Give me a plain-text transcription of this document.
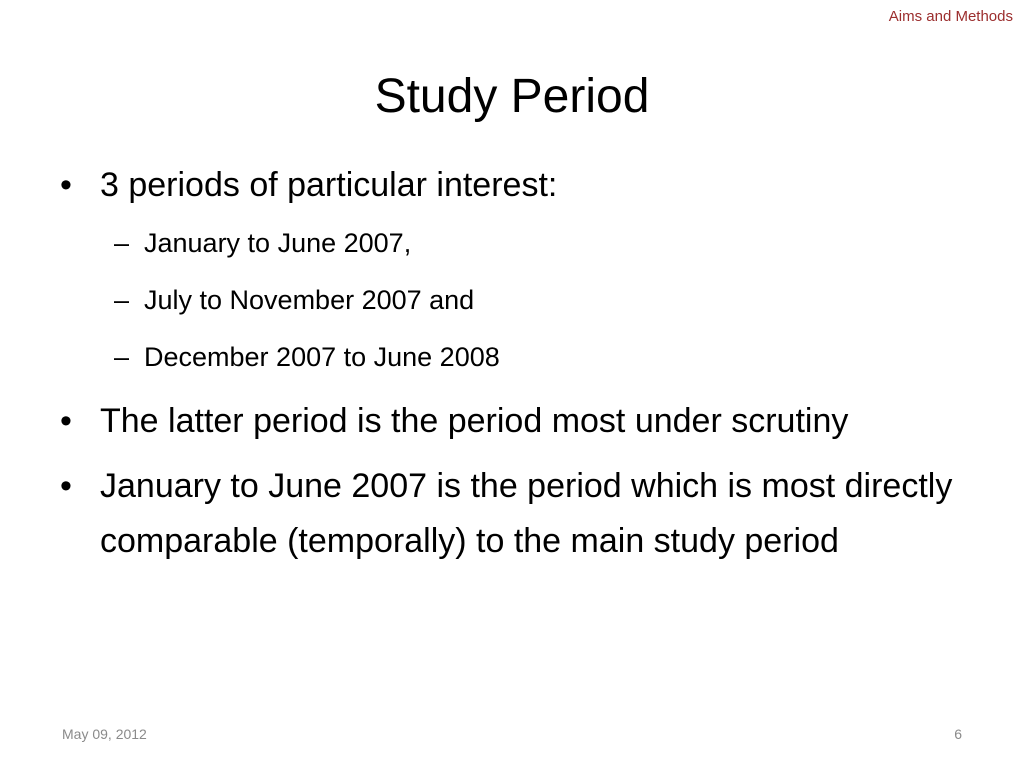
Aims and Methods
Study Period
• 3 periods of particular interest:
– January to June 2007,
– July to November 2007 and
– December 2007 to June 2008
• The latter period is the period most under scrutiny
• January to June 2007 is the period which is most directly comparable (temporally) to the main study period
May 09, 2012	6
